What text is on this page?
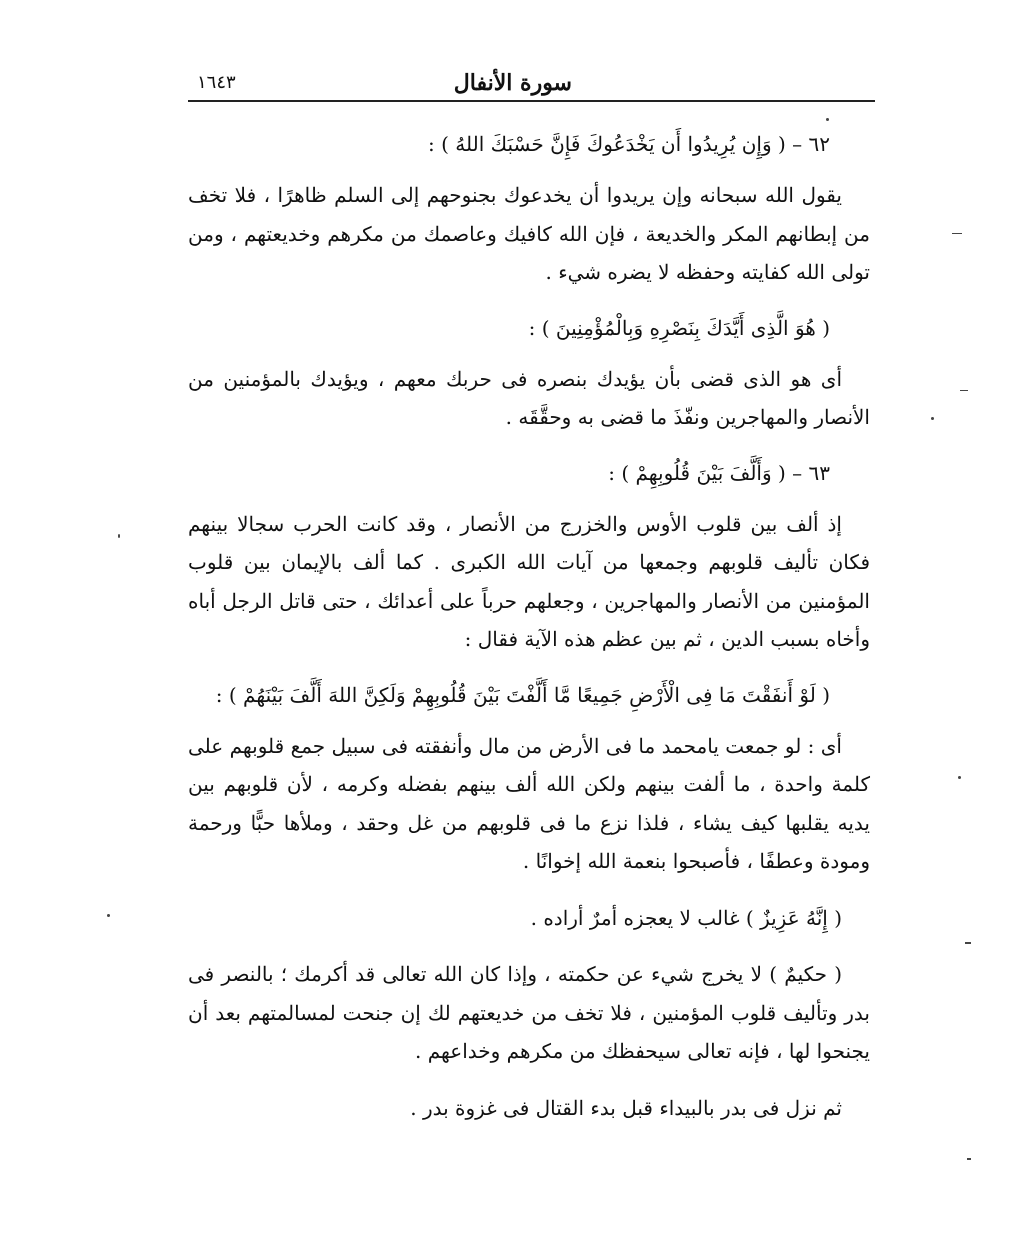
سورة الأنفال
١٦٤٣
٦٢ – ( وَإِن يُرِيدُوا أَن يَخْدَعُوكَ فَإِنَّ حَسْبَكَ اللهُ ) :
يقول الله سبحانه وإن يريدوا أن يخدعوك بجنوحهم إلى السلم ظاهرًا ، فلا تخف من إبطانهم المكر والخديعة ، فإن الله كافيك وعاصمك من مكرهم وخديعتهم ، ومن تولى الله كفايته وحفظه لا يضره شيء .
( هُوَ الَّذِى أَيَّدَكَ بِنَصْرِهِ وَبِالْمُؤْمِنِينَ ) :
أى هو الذى قضى بأن يؤيدك بنصره فى حربك معهم ، ويؤيدك بالمؤمنين من الأنصار والمهاجرين ونفّذَ ما قضى به وحقَّقَه .
٦٣ – ( وَأَلَّفَ بَيْنَ قُلُوبِهِمْ ) :
إذ ألف بين قلوب الأوس والخزرج من الأنصار ، وقد كانت الحرب سجالا بينهم فكان تأليف قلوبهم وجمعها من آيات الله الكبرى . كما ألف بالإيمان بين قلوب المؤمنين من الأنصار والمهاجرين ، وجعلهم حرباً على أعدائك ، حتى قاتل الرجل أباه وأخاه بسبب الدين ، ثم بين عظم هذه الآية فقال :
( لَوْ أَنفَقْتَ مَا فِى الْأَرْضِ جَمِيعًا مَّا أَلَّفْتَ بَيْنَ قُلُوبِهِمْ وَلَكِنَّ اللهَ أَلَّفَ بَيْنَهُمْ ) :
أى : لو جمعت يامحمد ما فى الأرض من مال وأنفقته فى سبيل جمع قلوبهم على كلمة واحدة ، ما ألفت بينهم ولكن الله ألف بينهم بفضله وكرمه ، لأن قلوبهم بين يديه يقلبها كيف يشاء ، فلذا نزع ما فى قلوبهم من غل وحقد ، وملأها حبًّا ورحمة ومودة وعطفًا ، فأصبحوا بنعمة الله إخوانًا .
( إِنَّهُ عَزِيزٌ ) غالب لا يعجزه أمرٌ أراده .
( حكيمٌ ) لا يخرج شيء عن حكمته ، وإذا كان الله تعالى قد أكرمك ؛ بالنصر فى بدر وتأليف قلوب المؤمنين ، فلا تخف من خديعتهم لك إن جنحت لمسالمتهم بعد أن يجنحوا لها ، فإنه تعالى سيحفظك من مكرهم وخداعهم .
ثم نزل فى بدر بالبيداء قبل بدء القتال فى غزوة بدر .
